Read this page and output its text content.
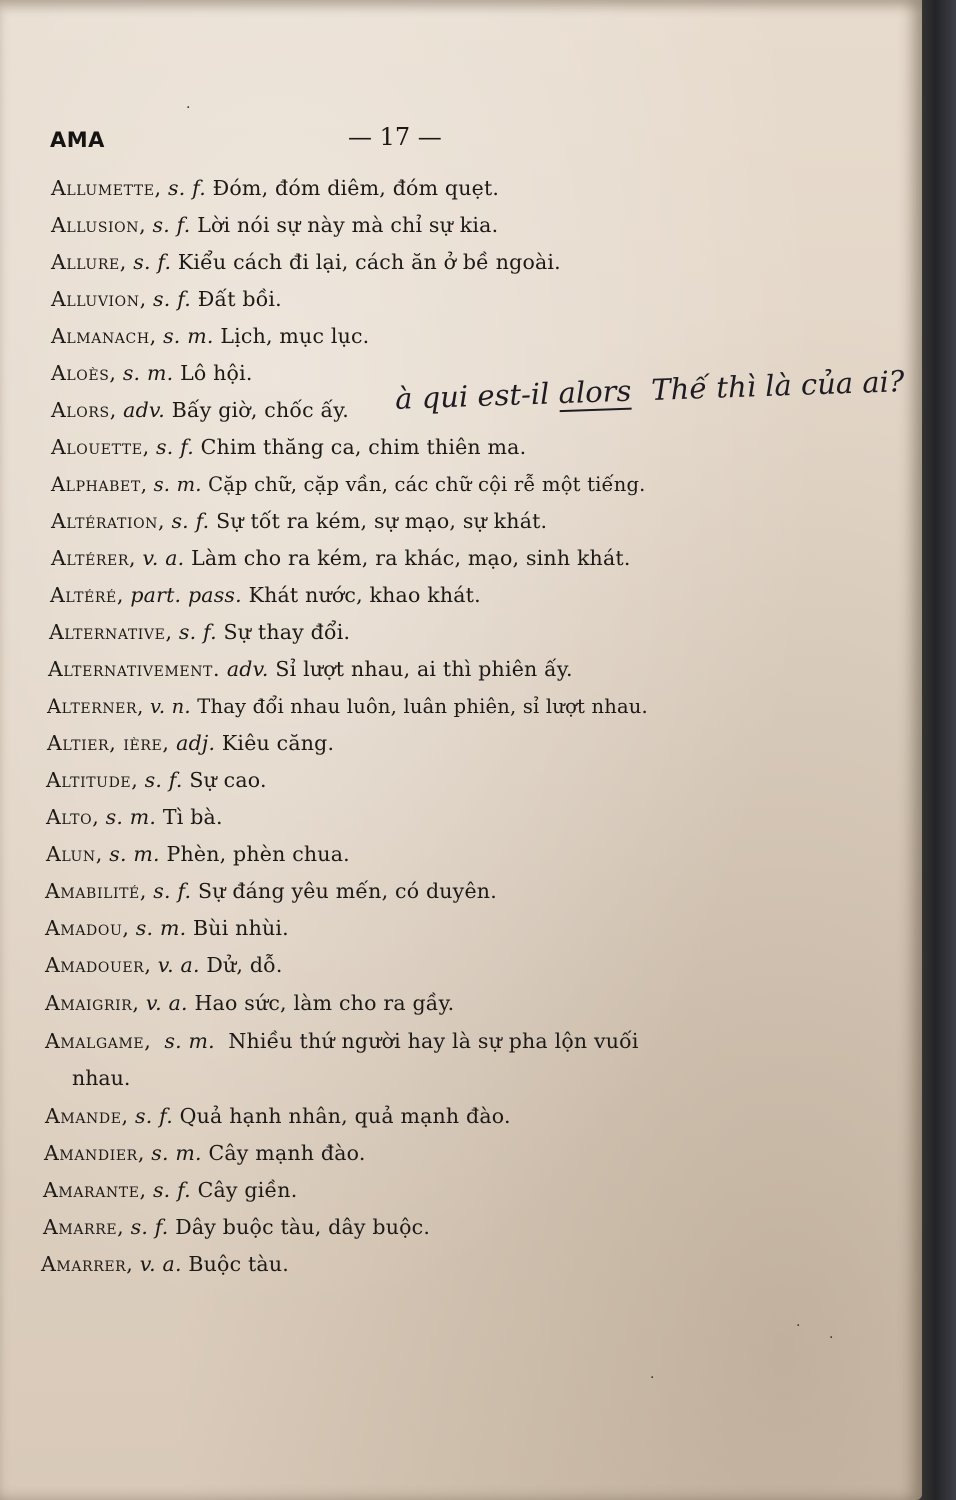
AMA	— 17 —
Allumette, s. f. Đóm, đóm diêm, đóm quẹt.
Allusion, s. f. Lời nói sự này mà chỉ sự kia.
Allure, s. f. Kiểu cách đi lại, cách ăn ở bề ngoài.
Alluvion, s. f. Đất bồi.
Almanach, s. m. Lịch, mục lục.
Aloès, s. m. Lô hội.
Alors, adv. Bấy giờ, chốc ấy.
Alouette, s. f. Chim thăng ca, chim thiên ma.
Alphabet, s. m. Cặp chữ, cặp vần, các chữ cội rễ một tiếng.
Altération, s. f. Sự tốt ra kém, sự mạo, sự khát.
Altérer, v. a. Làm cho ra kém, ra khác, mạo, sinh khát.
Altéré, part. pass. Khát nước, khao khát.
Alternative, s. f. Sự thay đổi.
Alternativement. adv. Sỉ lượt nhau, ai thì phiên ấy.
Alterner, v. n. Thay đổi nhau luôn, luân phiên, sỉ lượt nhau.
Altier, ière, adj. Kiêu căng.
Altitude, s. f. Sự cao.
Alto, s. m. Tì bà.
Alun, s. m. Phèn, phèn chua.
Amabilité, s. f. Sự đáng yêu mến, có duyên.
Amadou, s. m. Bùi nhùi.
Amadouer, v. a. Dử, dỗ.
Amaigrir, v. a. Hao sức, làm cho ra gầy.
Amalgame,  s. m. Nhiều thứ người hay là sự pha lộn vuối
nhau.
Amande, s. f. Quả hạnh nhân, quả mạnh đào.
Amandier, s. m. Cây mạnh đào.
Amarante, s. f. Cây giền.
Amarre, s. f. Dây buộc tàu, dây buộc.
Amarrer, v. a. Buộc tàu.
à qui est-il alors Thế thì là của ai?
·
·
·
·
